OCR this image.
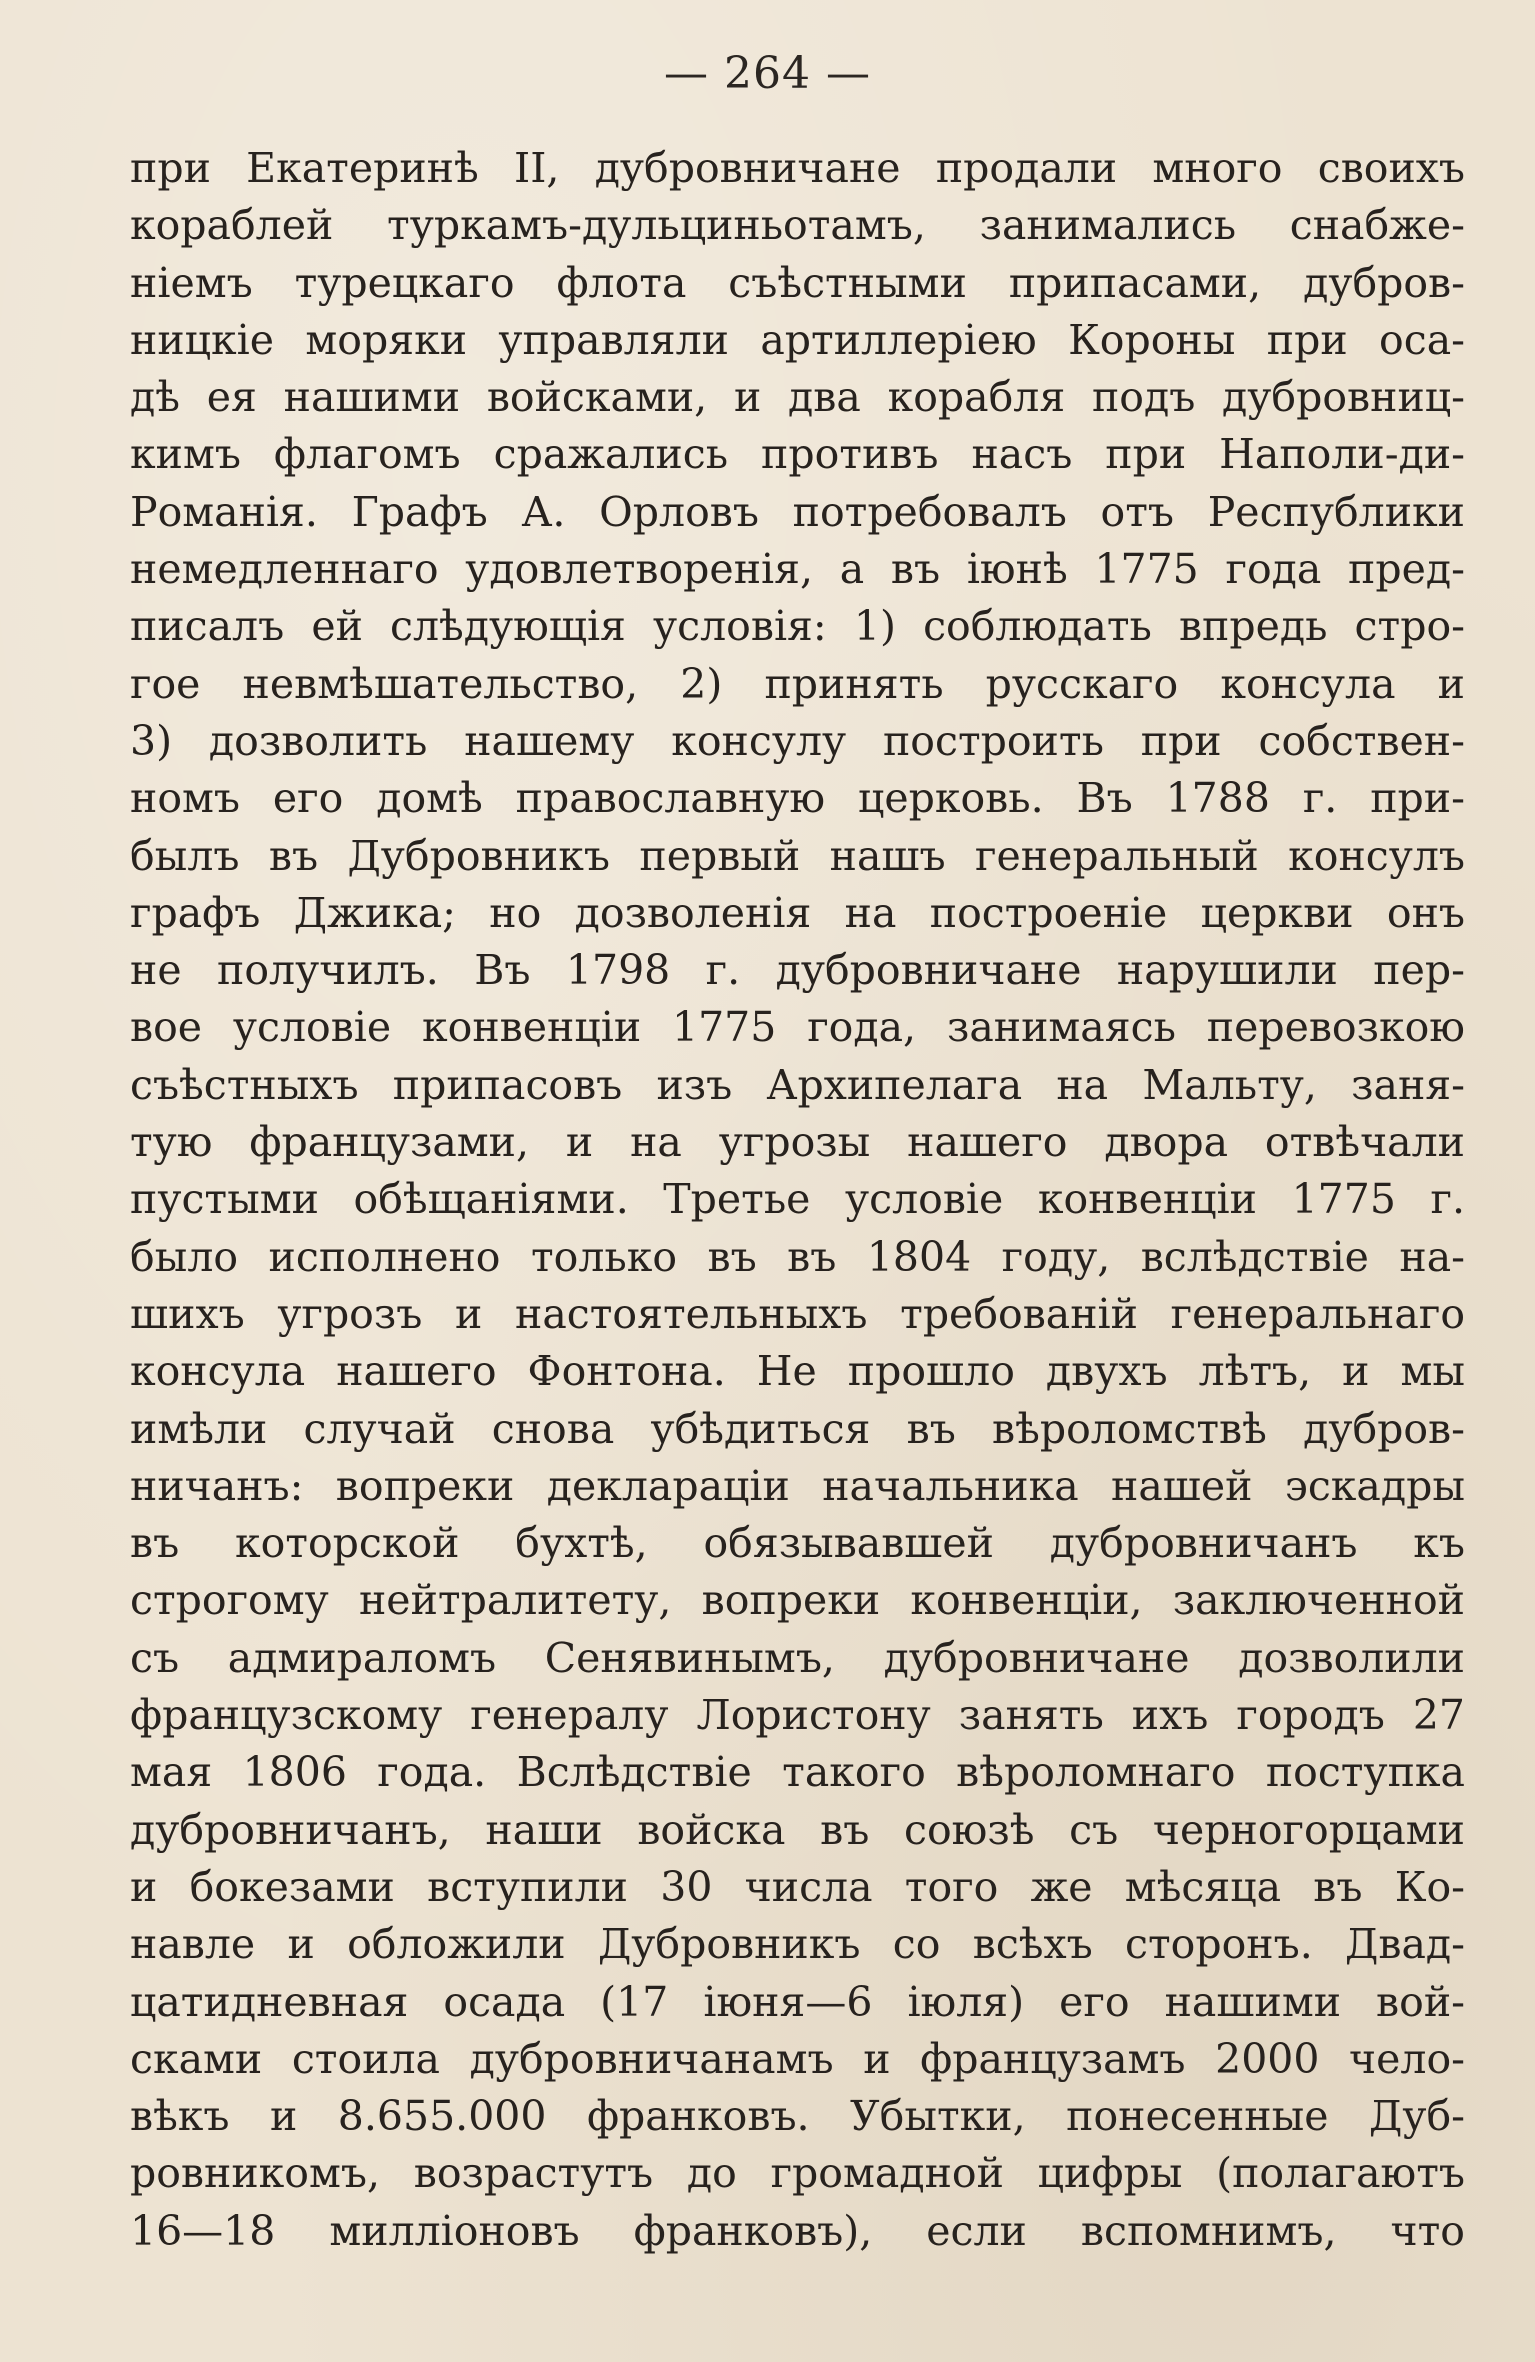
— 264 —
при Екатеринѣ II, дубровничане продали много своихъ
кораблей туркамъ-дульциньотамъ, занимались снабже-
ніемъ турецкаго флота съѣстными припасами, дубров-
ницкіе моряки управляли артиллеріею Короны при оса-
дѣ ея нашими войсками, и два корабля подъ дубровниц-
кимъ флагомъ сражались противъ насъ при Наполи-ди-
Романія. Графъ А. Орловъ потребовалъ отъ Республики
немедленнаго удовлетворенія, а въ іюнѣ 1775 года пред-
писалъ ей слѣдующія условія: 1) соблюдать впредь стро-
гое невмѣшательство, 2) принять русскаго консула и
3) дозволить нашему консулу построить при собствен-
номъ его домѣ православную церковь. Въ 1788 г. при-
былъ въ Дубровникъ первый нашъ генеральный консулъ
графъ Джика; но дозволенія на построеніе церкви онъ
не получилъ. Въ 1798 г. дубровничане нарушили пер-
вое условіе конвенціи 1775 года, занимаясь перевозкою
съѣстныхъ припасовъ изъ Архипелага на Мальту, заня-
тую французами, и на угрозы нашего двора отвѣчали
пустыми обѣщаніями. Третье условіе конвенціи 1775 г.
было исполнено только въ въ 1804 году, вслѣдствіе на-
шихъ угрозъ и настоятельныхъ требованій генеральнаго
консула нашего Фонтона. Не прошло двухъ лѣтъ, и мы
имѣли случай снова убѣдиться въ вѣроломствѣ дубров-
ничанъ: вопреки деклараціи начальника нашей эскадры
въ которской бухтѣ, обязывавшей дубровничанъ къ
строгому нейтралитету, вопреки конвенціи, заключенной
съ адмираломъ Сенявинымъ, дубровничане дозволили
французскому генералу Лористону занять ихъ городъ 27
мая 1806 года. Вслѣдствіе такого вѣроломнаго поступка
дубровничанъ, наши войска въ союзѣ съ черногорцами
и бокезами вступили 30 числа того же мѣсяца въ Ко-
навле и обложили Дубровникъ со всѣхъ сторонъ. Двад-
цатидневная осада (17 іюня—6 іюля) его нашими вой-
сками стоила дубровничанамъ и французамъ 2000 чело-
вѣкъ и 8.655.000 франковъ. Убытки, понесенные Дуб-
ровникомъ, возрастутъ до громадной цифры (полагаютъ
16—18 милліоновъ франковъ), если вспомнимъ, что
